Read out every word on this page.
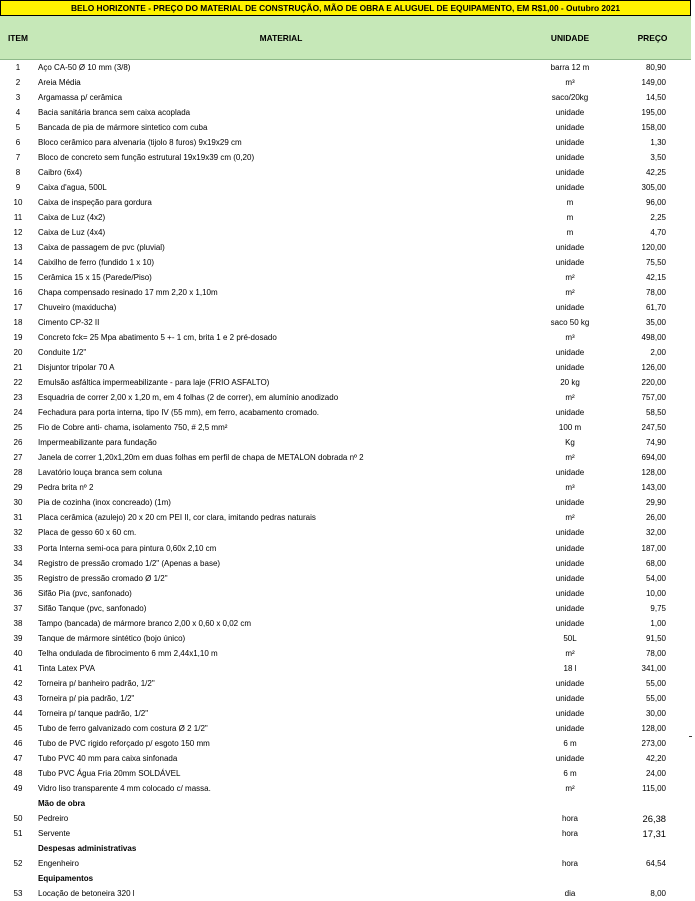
BELO HORIZONTE - PREÇO DO MATERIAL DE CONSTRUÇÃO, MÃO DE OBRA E ALUGUEL DE EQUIPAMENTO, EM R$1,00 - Outubro 2021
ITEM	MATERIAL	UNIDADE	PREÇO
1	Aço CA-50 Ø 10 mm (3/8)	barra 12 m	80,90
2	Areia Média	m³	149,00
3	Argamassa p/ cerâmica	saco/20kg	14,50
4	Bacia sanitária branca sem caixa acoplada	unidade	195,00
5	Bancada de pia de mármore sintetico com cuba	unidade	158,00
6	Bloco cerâmico para alvenaria (tijolo 8 furos) 9x19x29 cm	unidade	1,30
7	Bloco de concreto sem função estrutural 19x19x39 cm (0,20)	unidade	3,50
8	Caibro (6x4)	unidade	42,25
9	Caixa d'agua, 500L	unidade	305,00
10	Caixa de inspeção para gordura	m	96,00
11	Caixa de Luz (4x2)	m	2,25
12	Caixa de Luz (4x4)	m	4,70
13	Caixa de passagem de pvc (pluvial)	unidade	120,00
14	Caixilho de ferro (fundido 1 x 10)	unidade	75,50
15	Cerâmica 15 x 15 (Parede/Piso)	m²	42,15
16	Chapa compensado resinado 17 mm 2,20 x 1,10m	m²	78,00
17	Chuveiro (maxiducha)	unidade	61,70
18	Cimento CP-32 II	saco 50 kg	35,00
19	Concreto fck= 25 Mpa abatimento 5 +- 1 cm, brita 1 e 2 pré-dosado	m³	498,00
20	Conduite 1/2"	unidade	2,00
21	Disjuntor tripolar 70 A	unidade	126,00
22	Emulsão asfáltica impermeabilizante - para laje (FRIO ASFALTO)	20 kg	220,00
23	Esquadria de correr 2,00 x 1,20 m, em 4 folhas (2 de correr), em alumínio anodizado	m²	757,00
24	Fechadura para porta interna, tipo IV (55 mm), em ferro, acabamento cromado.	unidade	58,50
25	Fio de Cobre anti- chama, isolamento 750, # 2,5 mm²	100 m	247,50
26	Impermeabilizante para fundação	Kg	74,90
27	Janela de correr 1,20x1,20m em duas folhas em perfil de chapa de METALON dobrada nº 2	m²	694,00
28	Lavatório louça branca sem coluna	unidade	128,00
29	Pedra brita nº 2	m³	143,00
30	Pia de cozinha (inox concreado) (1m)	unidade	29,90
31	Placa cerâmica (azulejo) 20 x 20 cm PEI II, cor clara, imitando pedras naturais	m²	26,00
32	Placa de gesso 60 x 60 cm.	unidade	32,00
33	Porta Interna semi-oca para pintura 0,60x 2,10 cm	unidade	187,00
34	Registro de pressão cromado 1/2" (Apenas a base)	unidade	68,00
35	Registro de pressão cromado Ø 1/2"	unidade	54,00
36	Sifão Pia (pvc, sanfonado)	unidade	10,00
37	Sifão Tanque (pvc, sanfonado)	unidade	9,75
38	Tampo (bancada) de mármore branco 2,00 x 0,60 x 0,02 cm	unidade	1,00
39	Tanque de mármore sintético (bojo único)	50L	91,50
40	Telha ondulada de fibrocimento 6 mm 2,44x1,10 m	m²	78,00
41	Tinta Latex PVA	18 l	341,00
42	Torneira p/ banheiro padrão, 1/2"	unidade	55,00
43	Torneira p/ pia padrão, 1/2"	unidade	55,00
44	Torneira p/ tanque padrão, 1/2"	unidade	30,00
45	Tubo de ferro galvanizado com costura Ø 2 1/2"	unidade	128,00
46	Tubo de PVC rigido reforçado p/ esgoto 150 mm	6 m	273,00
47	Tubo PVC 40 mm para caixa sinfonada	unidade	42,20
48	Tubo PVC Água Fria 20mm SOLDÁVEL	6 m	24,00
49	Vidro liso transparente 4 mm colocado c/ massa.	m²	115,00
Mão de obra
50	Pedreiro	hora	26,38
51	Servente	hora	17,31
Despesas administrativas
52	Engenheiro	hora	64,54
Equipamentos
53	Locação de betoneira 320 l	dia	8,00
